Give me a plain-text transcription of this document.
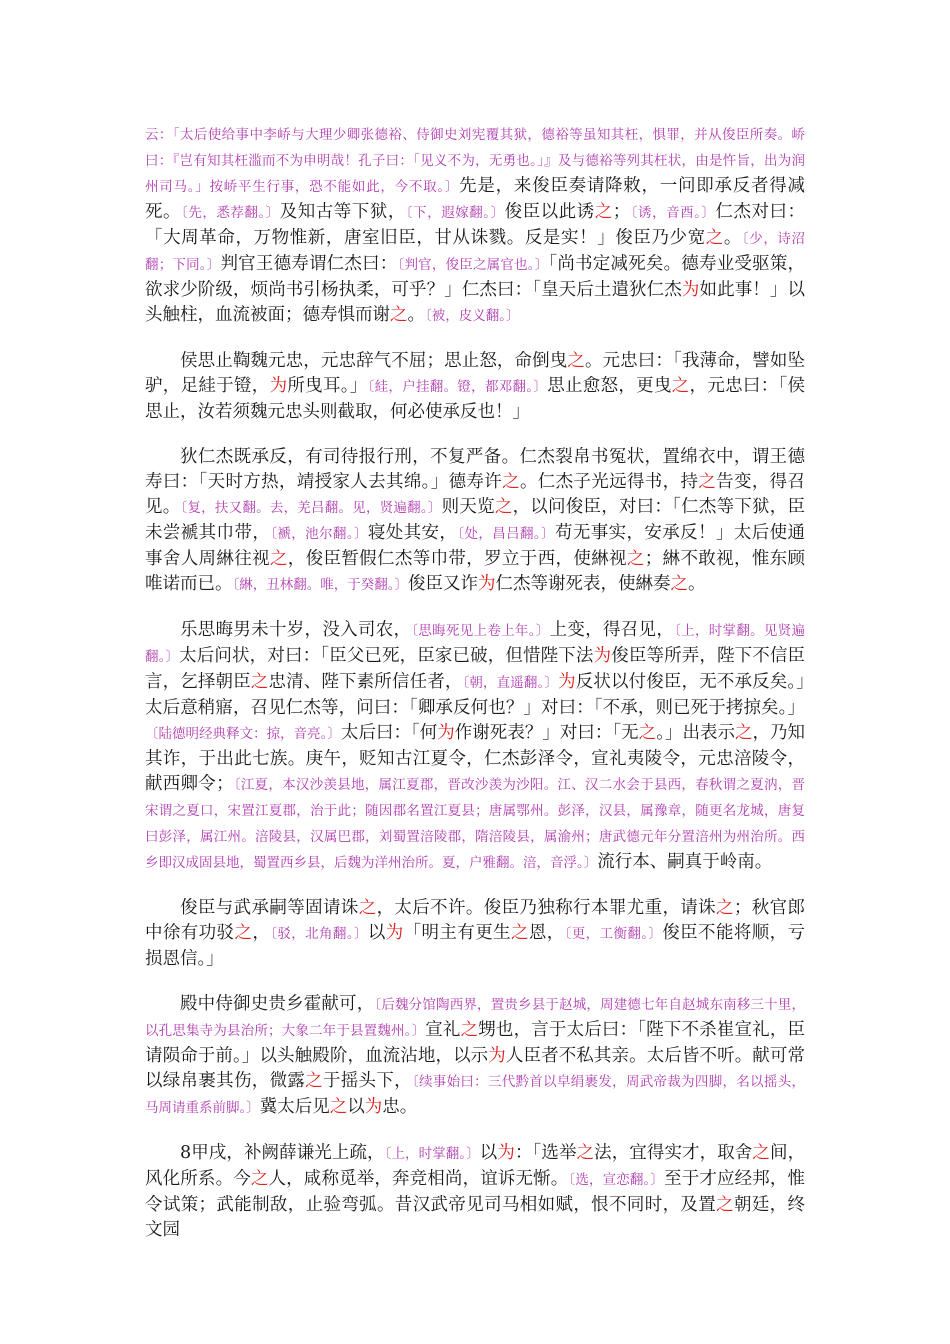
云：「太后使给事中李峤与大理少卿张德裕、侍御史刘宪覆其狱，德裕等虽知其枉，惧罪，并从俊臣所奏。峤曰：『岂有知其枉滥而不为申明哉！孔子曰：「见义不为，无勇也。」』及与德裕等列其枉状，由是忤旨，出为润州司马。」按峤平生行事，恐不能如此，今不取。〕先是，来俊臣奏请降敕，一问即承反者得减死。〔先，悉荐翻。〕及知古等下狱，〔下，遐嫁翻。〕俊臣以此诱之；〔诱，音酉。〕仁杰对曰：「大周革命，万物惟新，唐室旧臣，甘从诛戮。反是实！」俊臣乃少宽之。〔少，诗沼翻；下同。〕判官王德寿谓仁杰曰：〔判官，俊臣之属官也。〕「尚书定减死矣。德寿业受驱策，欲求少阶级，烦尚书引杨执柔，可乎？」仁杰曰：「皇天后土遣狄仁杰为如此事！」以头触柱，血流被面；德寿惧而谢之。〔被，皮义翻。〕

侯思止鞫魏元忠，元忠辞气不屈；思止怒，命倒曳之。元忠曰：「我薄命，譬如坠驴，足絓于镫，为所曳耳。」〔絓，户挂翻。镫，都邓翻。〕思止愈怒，更曳之，元忠曰：「侯思止，汝若须魏元忠头则截取，何必使承反也！」

狄仁杰既承反，有司待报行刑，不复严备。仁杰裂帛书冤状，置绵衣中，谓王德寿曰：「天时方热，靖授家人去其绵。」德寿许之。仁杰子光远得书，持之告变，得召见。〔复，扶又翻。去，羌吕翻。见，贤遍翻。〕则天览之，以问俊臣，对曰：「仁杰等下狱，臣未尝褫其巾带，〔褫，池尔翻。〕寝处其安，〔处，昌吕翻。〕苟无事实，安承反！」太后使通事舍人周綝往视之，俊臣暂假仁杰等巾带，罗立于西，使綝视之；綝不敢视，惟东顾唯诺而已。〔綝，丑林翻。唯，于癸翻。〕俊臣又诈为仁杰等谢死表，使綝奏之。

乐思晦男未十岁，没入司农，〔思晦死见上卷上年。〕上变，得召见，〔上，时掌翻。见贤遍翻。〕太后问状，对曰：「臣父已死，臣家已破，但惜陛下法为俊臣等所弄，陛下不信臣言，乞择朝臣之忠清、陛下素所信任者，〔朝，直遥翻。〕为反状以付俊臣，无不承反矣。」太后意稍寤，召见仁杰等，问曰：「卿承反何也？」对曰：「不承，则已死于拷掠矣。」〔陆德明经典释文：掠，音亮。〕太后曰：「何为作谢死表？」对曰：「无之。」出表示之，乃知其诈，于出此七族。庚午，贬知古江夏令，仁杰彭泽令，宣礼夷陵令，元忠涪陵令，献西卿令；〔江夏，本汉沙羡县地，属江夏郡，晋改沙羡为沙阳。江、汉二水会于县西，春秋谓之夏汭，晋宋谓之夏口，宋置江夏郡，治于此；随因郡名置江夏县；唐属鄂州。彭泽，汉县，属豫章，随更名龙城，唐复曰彭泽，属江州。涪陵县，汉属巴郡，刘蜀置涪陵郡，隋涪陵县，属渝州；唐武德元年分置涪州为州治所。西乡即汉成固县地，蜀置西乡县，后魏为洋州治所。夏，户雅翻。涪，音浮。〕流行本、嗣真于岭南。

俊臣与武承嗣等固请诛之，太后不许。俊臣乃独称行本罪尤重，请诛之；秋官郎中徐有功驳之，〔驳，北角翻。〕以为「明主有更生之恩，〔更，工衡翻。〕俊臣不能将顺，亏损恩信。」

殿中侍御史贵乡霍献可，〔后魏分馆陶西界，置贵乡县于赵城，周建德七年自赵城东南移三十里，以孔思集寺为县治所；大象二年于县置魏州。〕宣礼之甥也，言于太后曰：「陛下不杀崔宣礼，臣请陨命于前。」以头触殿阶，血流沾地，以示为人臣者不私其亲。太后皆不听。献可常以绿帛裹其伤，微露之于摇头下，〔续事始曰：三代黔首以皁绢裹发，周武帝裁为四脚，名以摇头，马周请重系前脚。〕冀太后见之以为忠。

8甲戌，补阙薛谦光上疏，〔上，时掌翻。〕以为：「选举之法，宜得实才，取舍之间，风化所系。今之人，咸称觅举，奔竞相尚，谊诉无惭。〔选，宣恋翻。〕至于才应经邦，惟令试策；武能制敌，止验弯弧。昔汉武帝见司马相如赋，恨不同时，及置之朝廷，终文园
